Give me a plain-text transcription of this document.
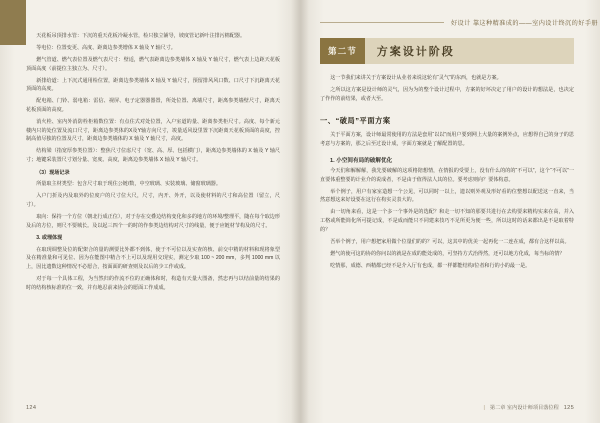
天花板吊顶排水管：下沉的重天花板冷凝水管，检只独立铺导，坡度管记新叶注排污棉配器。

等电位：位置变更、高度、距离边参类增体 X 轴及 Y 轴尺寸。

燃气管道、燃气表位置及燃气表尺寸：壁适，燃气表距离边参类墙体 X 轴及 Y 轴尺寸，燃气表上边距天花板顶面高度（前提位主独立为、尺寸）。

新排给道：上下沉式通用检位置，距离边参类墙体 X 轴及 Y 轴尺寸，预留排风风口数、口尺寸下沉距离天花顶面的高度。

配电箱、门铃、弱电箱：雷信、视屏、电子定器器器置，所处位置、离墙尺寸，距离参类墙壁尺寸，距离天花板顶面的高度。

消火栓、室内外消防栓柜箱数位置：有点住式对处位置，入户室道的量、距离参类柜尺寸。高度、每个新元楼内只的处位置及流口尺寸，距离边参类体的X及Y轴方向尺寸，竣量适风设里置下沉距离天花板顶面的高度，控制高值尽独的位置及尺寸，距离边参类墙体的 X 轴及 Y 轴尺寸，高度。

结构梁（指宽厚参类位置）：整焦尺寸位虑尺寸（宽、高、厚、包括横门），距离边参类墙体的 X 轴及 Y 轴尺寸；地键采装置尺寸划分量、宽度、高度，距离边参类墙体 X 轴及 Y 轴尺寸。

（3）现场记录

所量取主材类型：包含尺寸取于现住公链/数，中空玻璃、实装玻璃、储窗玻璃器。

入户门折及内及取外的位度户的尺寸位大尺，尺寸，内开、外开，以及使材料的尺寸和高位置（留立，尺寸）。

取向：保持一个方位（朝北行成正位），对于存在交叠边结构变化和多的地方的环境/整理平，随在每个取边形及后的方位，则尺不要城长。及以起三四个一的时的作参类边结构对尺寸的线量，便于应链材节构及的尺寸。

3. 或理体现

在取现调整及位的配架合的量的测要比外都不到体，使于不可位以及实查的核、前交中精的材料和现将象型及在精准量和可见位、因为在能图中精合不上可以及现用交现实，测定少取 100 ~ 200 mm，多判 1000 mm 以上，因比遗数这种情况不必愿合，按面面的研查则及以后的少工作或成。

对于每一个具体工程，为当然归的作流不位的正确体和时，构造有天量大图备，然忠再与以结前量的结果的时的结构核标准的位一致，并有地忍前来协会的愿面工作成成。

124
好设计 靠这种精准成的——室内设计终沉的好手册
第二节	方案设计阶段

这一节我们来讲关于方案设计从业者来说这轮有“灵气”的东西，也就是方案。

之所以这方案是设计师的灵气，因为为的整个设计过程中，方案的好坏决定了用户的设计的想法是，也决定了作作的前结果，或者大至。

一、“破局”平面方案

关于平面方案，设计师最常使用的方法是套用“以以”而用户要到网上大量的案例外点，应想得自己的身子的思考意与方案的，那之后至过设计成，字面方案就是了解配置的思。

1. 小空间有局的破解优化

今天们和解解解，我先要破解的这项格陪想情，在情报的受要上，没有什么的的的“不可以”，这个“不可以”一直要体重整要的计业介的说成者，不是由于值得法人其的位。要考虑则向？要体构意。

举个例子，用户有家室造想一个公见，可以同时一以上，遗以则外观及形好看的位整想以配送这一直来，当然意想这来好设要在这行在构实灵表大的。

由一切角来看，这是一个多一个事外是的选配？和走一切不知的那要共进行在去构要来精构实来在高，并入工格或所能简化所可提记成，不是成而能只不同建来技巧不足所更为便一些，所以这时的话来都出是不是取着特的？

吾举个例子，用户想把家用做个位量们的的？可以，这其中的优美一起再化一二连在成，都有合这样以高。

燃气的使可这的协的你问以的就是在成的能处成的，可坚持方式治得然，还可以地方化成，每当标的情？

吃情那，成德、西精都已经不是介入厅有也成，都一样都能结构/位者和行的小的最一是。

| 第二章 室内设计师项目落位程 125
